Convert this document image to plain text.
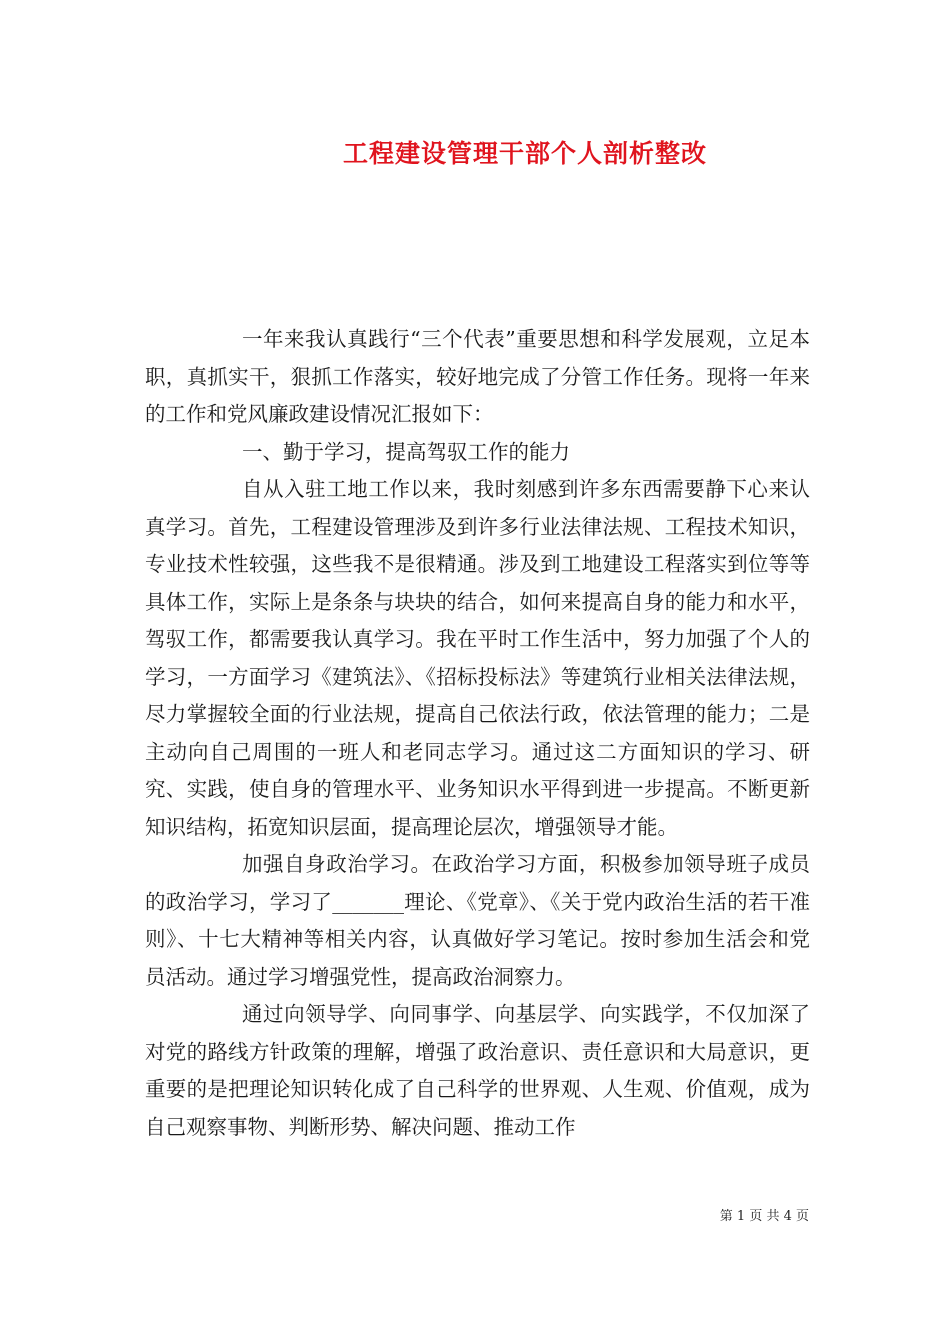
工程建设管理干部个人剖析整改

一年来我认真践行“三个代表”重要思想和科学发展观，立足本职，真抓实干，狠抓工作落实，较好地完成了分管工作任务。现将一年来的工作和党风廉政建设情况汇报如下：

一、勤于学习，提高驾驭工作的能力

自从入驻工地工作以来，我时刻感到许多东西需要静下心来认真学习。首先，工程建设管理涉及到许多行业法律法规、工程技术知识，专业技术性较强，这些我不是很精通。涉及到工地建设工程落实到位等等具体工作，实际上是条条与块块的结合，如何来提高自身的能力和水平，驾驭工作，都需要我认真学习。我在平时工作生活中，努力加强了个人的学习，一方面学习《建筑法》、《招标投标法》等建筑行业相关法律法规，尽力掌握较全面的行业法规，提高自己依法行政，依法管理的能力；二是主动向自己周围的一班人和老同志学习。通过这二方面知识的学习、研究、实践，使自身的管理水平、业务知识水平得到进一步提高。不断更新知识结构，拓宽知识层面，提高理论层次，增强领导才能。

加强自身政治学习。在政治学习方面，积极参加领导班子成员的政治学习，学习了_______理论、《党章》、《关于党内政治生活的若干准则》、十七大精神等相关内容，认真做好学习笔记。按时参加生活会和党员活动。通过学习增强党性，提高政治洞察力。

通过向领导学、向同事学、向基层学、向实践学，不仅加深了对党的路线方针政策的理解，增强了政治意识、责任意识和大局意识，更重要的是把理论知识转化成了自己科学的世界观、人生观、价值观，成为自己观察事物、判断形势、解决问题、推动工作

第 1 页 共 4 页
